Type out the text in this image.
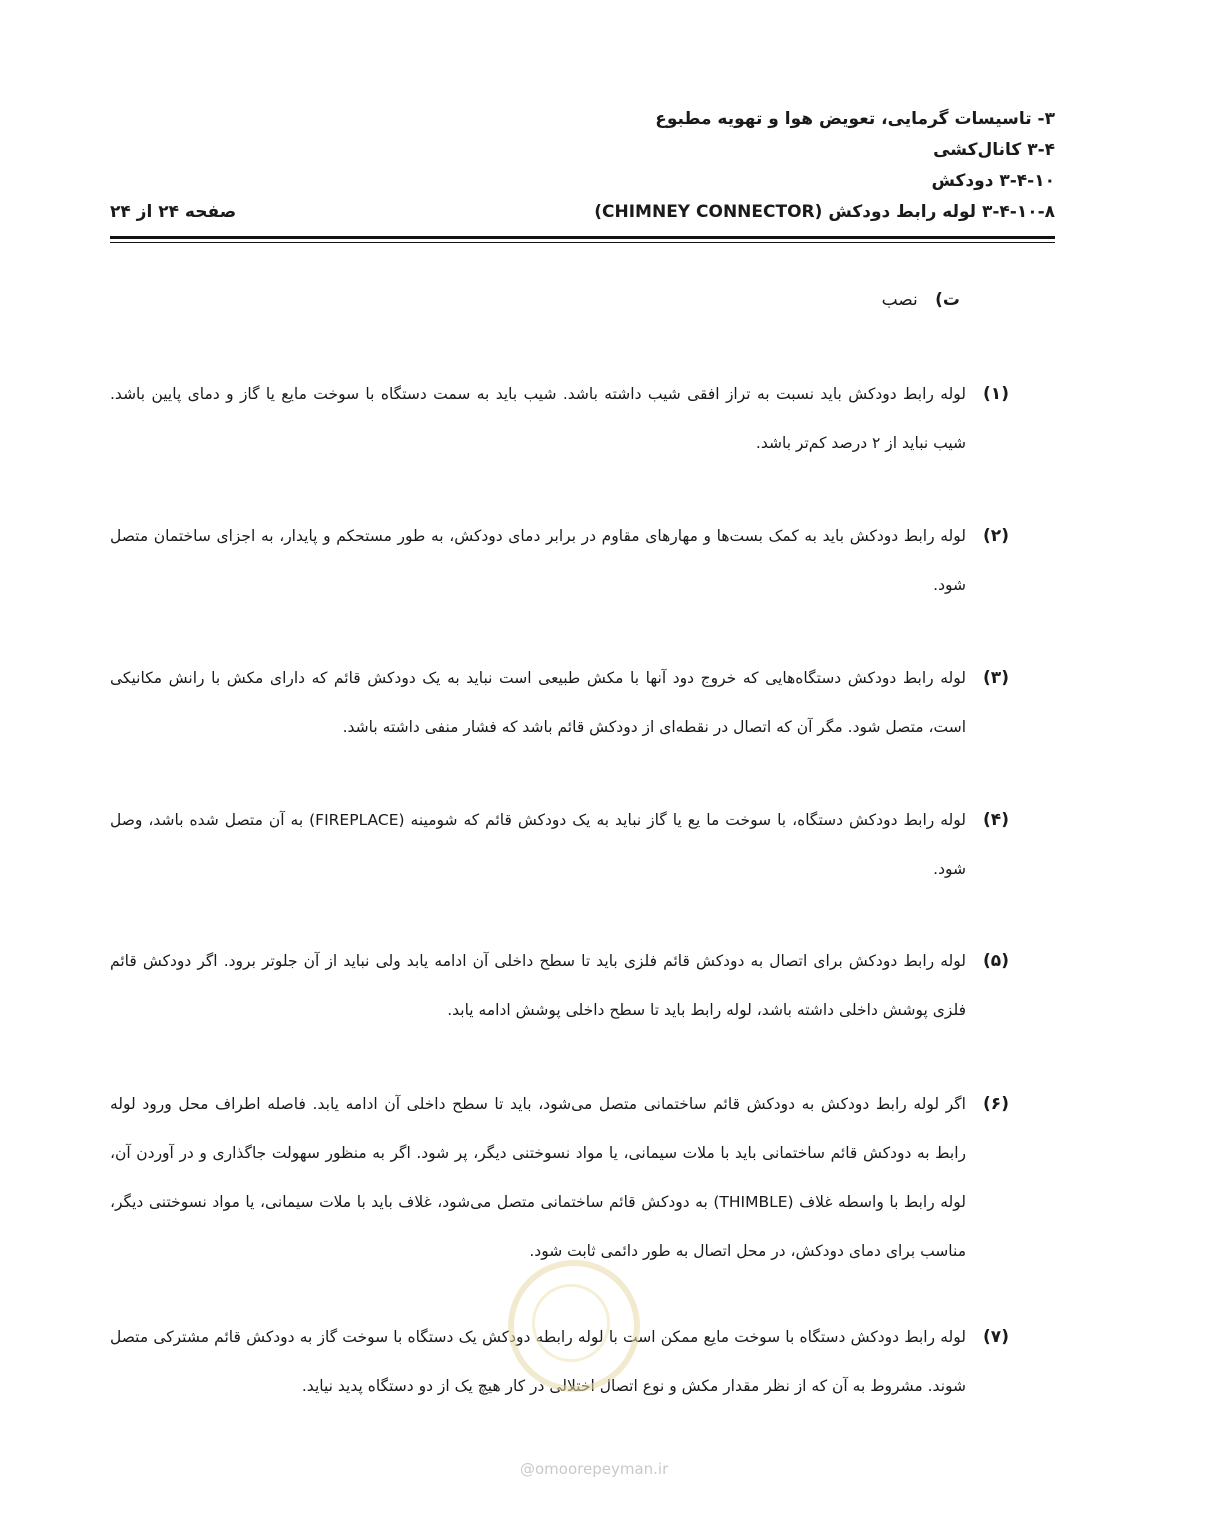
۳- تاسیسات گرمایی، تعویض هوا و تهویه مطبوع
۳-۴ کانال‌کشی
۳-۴-۱۰ دودکش
۳-۴-۱۰-۸ لوله رابط دودکش (CHIMNEY CONNECTOR)
صفحه ۲۴ از ۲۴
ت) نصب
(۱)
لوله رابط دودکش باید نسبت به تراز افقی شیب داشته باشد. شیب باید به سمت دستگاه با سوخت مایع یا گاز و دمای پایین باشد. شیب نباید از ۲ درصد کم‌تر باشد.
(۲)
لوله رابط دودکش باید به کمک بست‌ها و مهارهای مقاوم در برابر دمای دودکش، به طور مستحکم و پایدار، به اجزای ساختمان متصل شود.
(۳)
لوله رابط دودکش دستگاه‌هایی که خروج دود آنها با مکش طبیعی است نباید به یک دودکش قائم که دارای مکش با رانش مکانیکی است، متصل شود. مگر آن که اتصال در نقطه‌ای از دودکش قائم باشد که فشار منفی داشته باشد.
(۴)
لوله رابط دودکش دستگاه، با سوخت ما یع یا گاز نباید به یک دودکش قائم که شومینه (FIREPLACE) به آن متصل شده باشد، وصل شود.
(۵)
لوله رابط دودکش برای اتصال به دودکش قائم فلزی باید تا سطح داخلی آن ادامه یابد ولی نباید از آن جلوتر برود. اگر دودکش قائم فلزی پوشش داخلی داشته باشد، لوله رابط باید تا سطح داخلی پوشش ادامه یابد.
(۶)
اگر لوله رابط دودکش به دودکش قائم ساختمانی متصل می‌شود، باید تا سطح داخلی آن ادامه یابد. فاصله اطراف محل ورود لوله رابط به دودکش قائم ساختمانی باید با ملات سیمانی، یا مواد نسوختنی دیگر، پر شود. اگر به منظور سهولت جاگذاری و در آوردن آن، لوله رابط با واسطه غلاف (THIMBLE) به دودکش قائم ساختمانی متصل می‌شود، غلاف باید با ملات سیمانی، یا مواد نسوختنی دیگر، مناسب برای دمای دودکش، در محل اتصال به طور دائمی ثابت شود.
(۷)
لوله رابط دودکش دستگاه با سوخت مایع ممکن است با لوله رابطه دودکش یک دستگاه با سوخت گاز به دودکش قائم مشترکی متصل شوند. مشروط به آن که از نظر مقدار مکش و نوع اتصال اختلالی در کار هیچ یک از دو دستگاه پدید نیاید.
@omoorepeyman.ir
